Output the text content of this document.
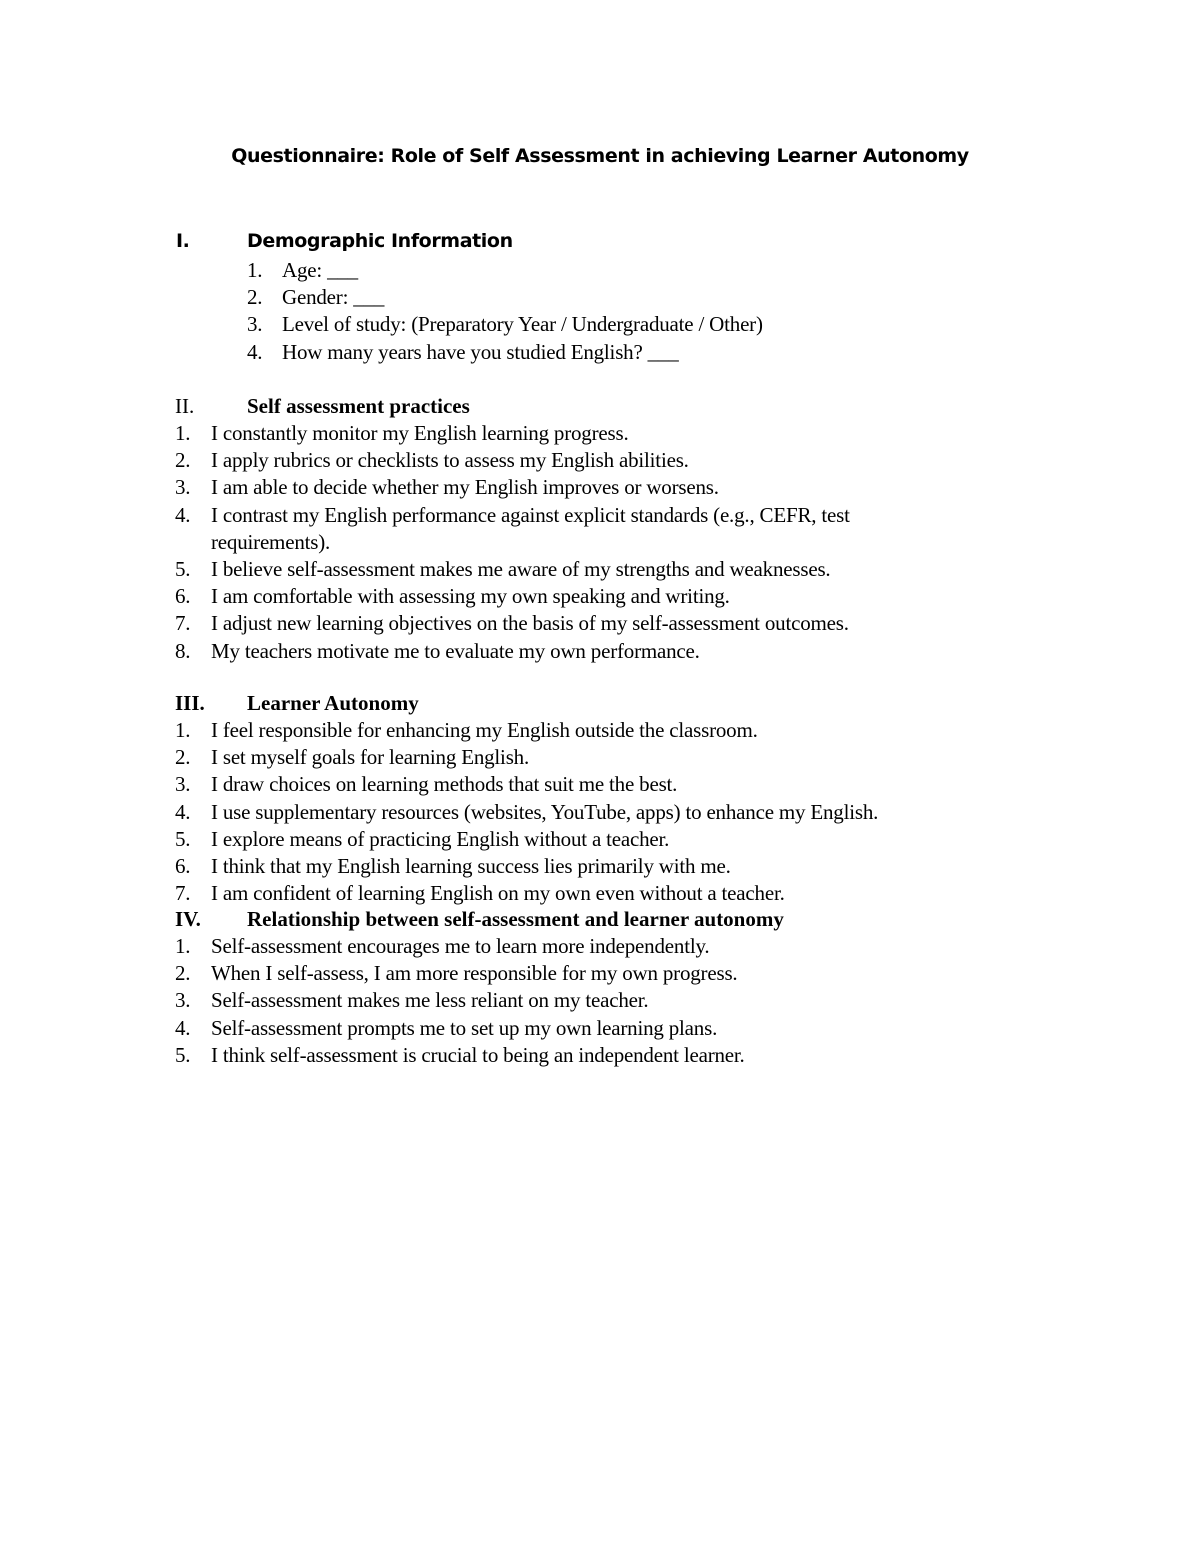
Questionnaire: Role of Self Assessment in achieving Learner Autonomy
I.	Demographic Information
1. Age: ___
2. Gender: ___
3. Level of study: (Preparatory Year / Undergraduate / Other)
4. How many years have you studied English? ___
II.	Self assessment practices
1. I constantly monitor my English learning progress.
2. I apply rubrics or checklists to assess my English abilities.
3. I am able to decide whether my English improves or worsens.
4. I contrast my English performance against explicit standards (e.g., CEFR, test
requirements).
5. I believe self-assessment makes me aware of my strengths and weaknesses.
6. I am comfortable with assessing my own speaking and writing.
7. I adjust new learning objectives on the basis of my self-assessment outcomes.
8. My teachers motivate me to evaluate my own performance.
III. Learner Autonomy
1. I feel responsible for enhancing my English outside the classroom.
2. I set myself goals for learning English.
3. I draw choices on learning methods that suit me the best.
4. I use supplementary resources (websites, YouTube, apps) to enhance my English.
5. I explore means of practicing English without a teacher.
6. I think that my English learning success lies primarily with me.
7. I am confident of learning English on my own even without a teacher.
IV. Relationship between self-assessment and learner autonomy
1. Self-assessment encourages me to learn more independently.
2. When I self-assess, I am more responsible for my own progress.
3. Self-assessment makes me less reliant on my teacher.
4. Self-assessment prompts me to set up my own learning plans.
5. I think self-assessment is crucial to being an independent learner.
